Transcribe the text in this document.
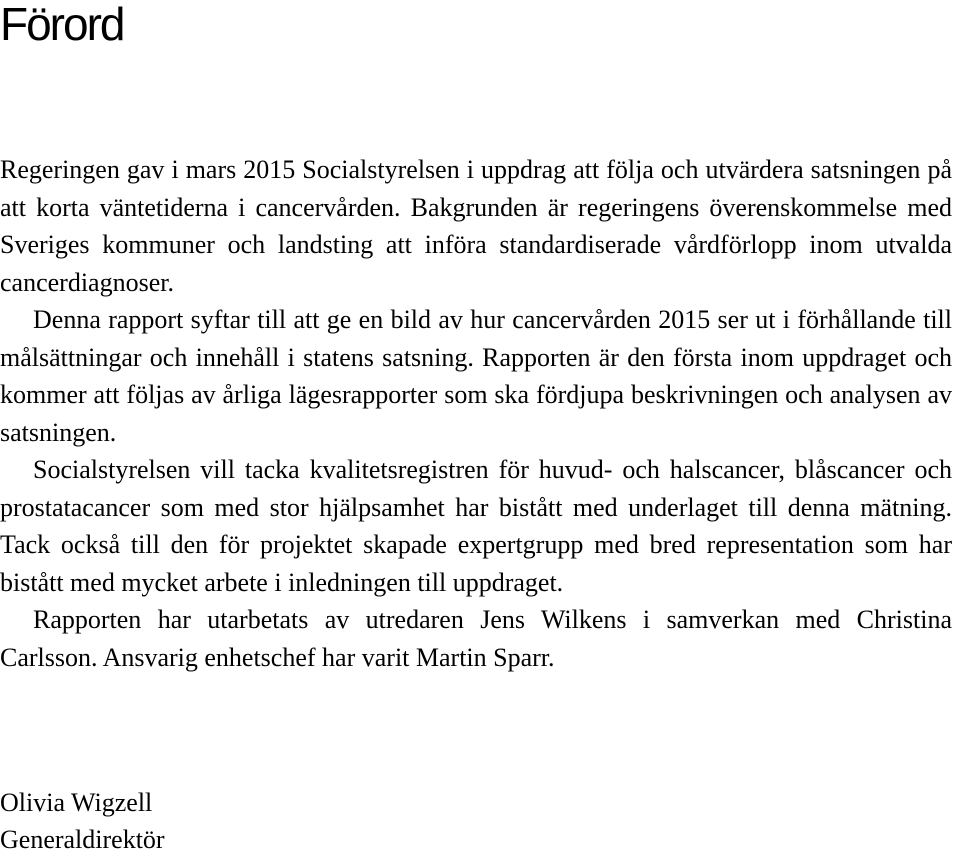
Förord

Regeringen gav i mars 2015 Socialstyrelsen i uppdrag att följa och utvärdera satsningen på att korta väntetiderna i cancervården. Bakgrunden är regeringens överenskommelse med Sveriges kommuner och landsting att införa standardiserade vårdförlopp inom utvalda cancerdiagnoser.

Denna rapport syftar till att ge en bild av hur cancervården 2015 ser ut i förhållande till målsättningar och innehåll i statens satsning. Rapporten är den första inom uppdraget och kommer att följas av årliga lägesrapporter som ska fördjupa beskrivningen och analysen av satsningen.

Socialstyrelsen vill tacka kvalitetsregistren för huvud- och halscancer, blåscancer och prostatacancer som med stor hjälpsamhet har bistått med underlaget till denna mätning. Tack också till den för projektet skapade expertgrupp med bred representation som har bistått med mycket arbete i inledningen till uppdraget.

Rapporten har utarbetats av utredaren Jens Wilkens i samverkan med Christina Carlsson. Ansvarig enhetschef har varit Martin Sparr.

Olivia Wigzell
Generaldirektör
